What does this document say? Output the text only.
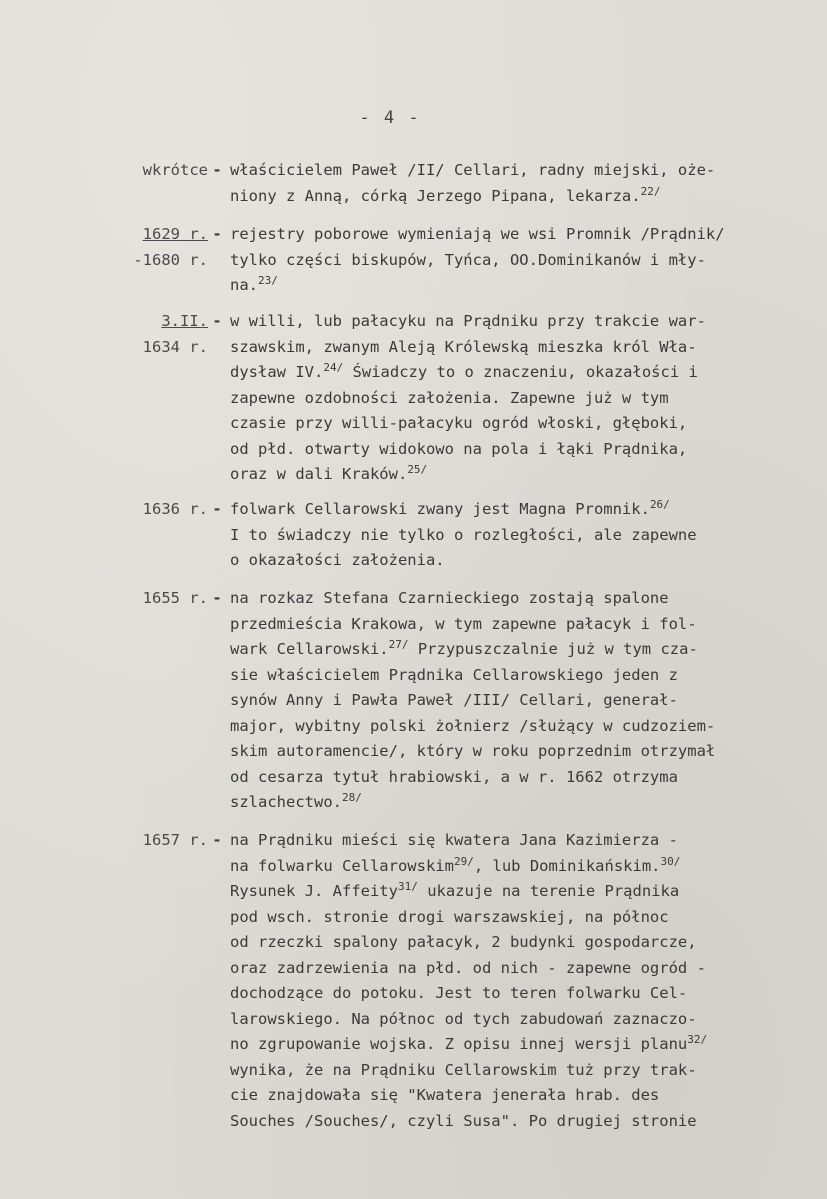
- 4 -
wkrótce - właścicielem Paweł /II/ Cellari, radny miejski, oże-
niony z Anną, córką Jerzego Pipana, lekarza.$^{22/}$
1629 r.
-1680 r.
- rejestry poborowe wymieniają we wsi Promnik /Prądnik/
tylko części biskupów, Tyńca, OO.Dominikanów i mły-
na.$^{23/}$
3.II.
1634 r.
- w willi, lub pałacyku na Prądniku przy trakcie war-
szawskim, zwanym Aleją Królewską mieszka król Wła-
dysław IV.$^{24/}$ Świadczy to o znaczeniu, okazałości i
zapewne ozdobności założenia. Zapewne już w tym
czasie przy willi-pałacyku ogród włoski, głęboki,
od płd. otwarty widokowo na pola i łąki Prądnika,
oraz w dali Kraków.$^{25/}$
1636 r. - folwark Cellarowski zwany jest Magna Promnik.$^{26/}$
I to świadczy nie tylko o rozległości, ale zapewne
o okazałości założenia.
1655 r. - na rozkaz Stefana Czarnieckiego zostają spalone
przedmieścia Krakowa, w tym zapewne pałacyk i fol-
wark Cellarowski.$^{27/}$ Przypuszczalnie już w tym cza-
sie właścicielem Prądnika Cellarowskiego jeden z
synów Anny i Pawła Paweł /III/ Cellari, generał-
major, wybitny polski żołnierz /służący w cudzoziem-
skim autoramencie/, który w roku poprzednim otrzymał
od cesarza tytuł hrabiowski, a w r. 1662 otrzyma
szlachectwo.$^{28/}$
1657 r. - na Prądniku mieści się kwatera Jana Kazimierza -
na folwarku Cellarowskim$^{29/}$, lub Dominikańskim.$^{30/}$
Rysunek J. Affeity$^{31/}$ ukazuje na terenie Prądnika
pod wsch. stronie drogi warszawskiej, na północ
od rzeczki spalony pałacyk, 2 budynki gospodarcze,
oraz zadrzewienia na płd. od nich - zapewne ogród -
dochodzące do potoku. Jest to teren folwarku Cel-
larowskiego. Na północ od tych zabudowań zaznaczo-
no zgrupowanie wojska. Z opisu innej wersji planu$^{32/}$
wynika, że na Prądniku Cellarowskim tuż przy trak-
cie znajdowała się "Kwatera jenerała hrab. des
Souches /Souches/, czyli Susa". Po drugiej stronie
